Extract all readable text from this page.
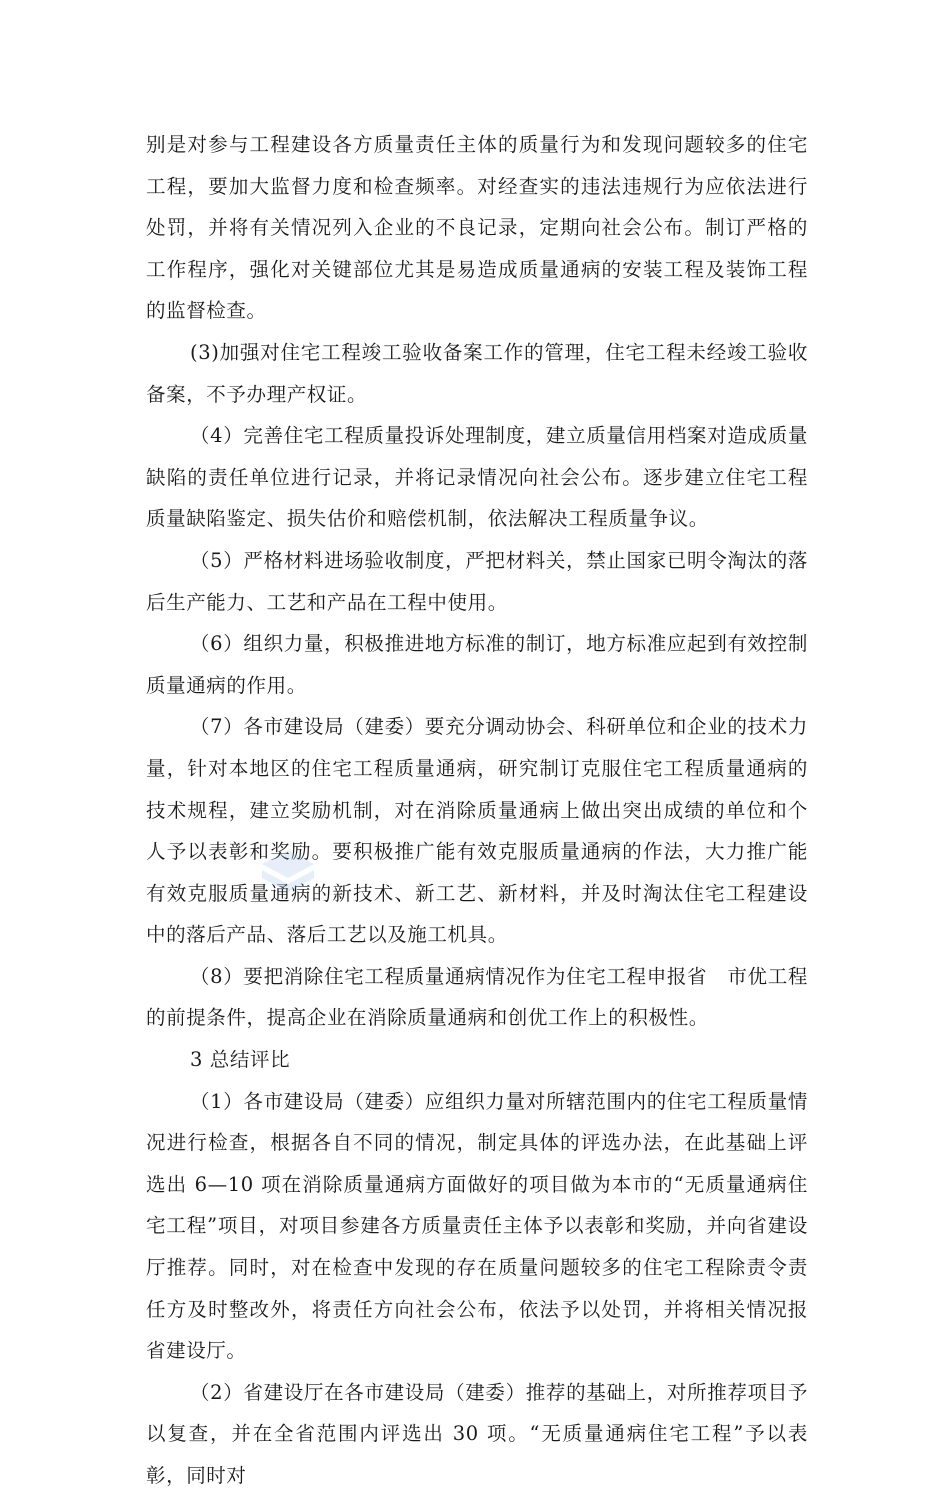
别是对参与工程建设各方质量责任主体的质量行为和发现问题较多的住宅工程，要加大监督力度和检查频率。对经查实的违法违规行为应依法进行处罚，并将有关情况列入企业的不良记录，定期向社会公布。制订严格的工作程序，强化对关键部位尤其是易造成质量通病的安装工程及装饰工程的监督检查。

(3)加强对住宅工程竣工验收备案工作的管理，住宅工程未经竣工验收备案，不予办理产权证。

（4）完善住宅工程质量投诉处理制度，建立质量信用档案对造成质量缺陷的责任单位进行记录，并将记录情况向社会公布。逐步建立住宅工程质量缺陷鉴定、损失估价和赔偿机制，依法解决工程质量争议。

（5）严格材料进场验收制度，严把材料关，禁止国家已明令淘汰的落后生产能力、工艺和产品在工程中使用。

（6）组织力量，积极推进地方标准的制订，地方标准应起到有效控制质量通病的作用。

（7）各市建设局（建委）要充分调动协会、科研单位和企业的技术力量，针对本地区的住宅工程质量通病，研究制订克服住宅工程质量通病的技术规程，建立奖励机制，对在消除质量通病上做出突出成绩的单位和个人予以表彰和奖励。要积极推广能有效克服质量通病的作法，大力推广能有效克服质量通病的新技术、新工艺、新材料，并及时淘汰住宅工程建设中的落后产品、落后工艺以及施工机具。

（8）要把消除住宅工程质量通病情况作为住宅工程申报省　市优工程的前提条件，提高企业在消除质量通病和创优工作上的积极性。

3 总结评比

（1）各市建设局（建委）应组织力量对所辖范围内的住宅工程质量情况进行检查，根据各自不同的情况，制定具体的评选办法，在此基础上评选出 6—10 项在消除质量通病方面做好的项目做为本市的“无质量通病住宅工程”项目，对项目参建各方质量责任主体予以表彰和奖励，并向省建设厅推荐。同时，对在检查中发现的存在质量问题较多的住宅工程除责令责任方及时整改外，将责任方向社会公布，依法予以处罚，并将相关情况报省建设厅。

（2）省建设厅在各市建设局（建委）推荐的基础上，对所推荐项目予以复查，并在全省范围内评选出 30 项。“无质量通病住宅工程”予以表彰，同时对
